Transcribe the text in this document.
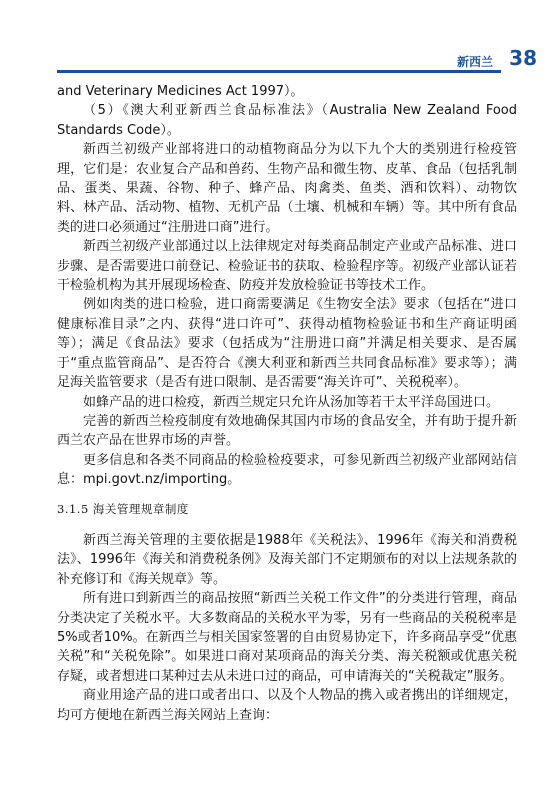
新西兰 38

and Veterinary Medicines Act 1997）。

（5）《澳大利亚新西兰食品标准法》（Australia New Zealand Food Standards Code）。

新西兰初级产业部将进口的动植物商品分为以下九个大的类别进行检疫管理，它们是：农业复合产品和兽药、生物产品和微生物、皮革、食品（包括乳制品、蛋类、果蔬、谷物、种子、蜂产品、肉禽类、鱼类、酒和饮料）、动物饮料、林产品、活动物、植物、无机产品（土壤、机械和车辆）等。其中所有食品类的进口必须通过“注册进口商”进行。

新西兰初级产业部通过以上法律规定对每类商品制定产业或产品标准、进口步骤、是否需要进口前登记、检验证书的获取、检验程序等。初级产业部认证若干检验机构为其开展现场检查、防疫并发放检验证书等技术工作。

例如肉类的进口检验，进口商需要满足《生物安全法》要求（包括在“进口健康标准目录”之内、获得“进口许可”、获得动植物检验证书和生产商证明函等）；满足《食品法》要求（包括成为“注册进口商”并满足相关要求、是否属于“重点监管商品”、是否符合《澳大利亚和新西兰共同食品标准》要求等）；满足海关监管要求（是否有进口限制、是否需要“海关许可”、关税税率）。

如蜂产品的进口检疫，新西兰规定只允许从汤加等若干太平洋岛国进口。

完善的新西兰检疫制度有效地确保其国内市场的食品安全，并有助于提升新西兰农产品在世界市场的声誉。

更多信息和各类不同商品的检验检疫要求，可参见新西兰初级产业部网站信息：mpi.govt.nz/importing。

3.1.5 海关管理规章制度

新西兰海关管理的主要依据是1988年《关税法》、1996年《海关和消费税法》、1996年《海关和消费税条例》及海关部门不定期颁布的对以上法规条款的补充修订和《海关规章》等。

所有进口到新西兰的商品按照“新西兰关税工作文件”的分类进行管理，商品分类决定了关税水平。大多数商品的关税水平为零，另有一些商品的关税税率是5%或者10%。在新西兰与相关国家签署的自由贸易协定下，许多商品享受“优惠关税”和“关税免除”。如果进口商对某项商品的海关分类、海关税额或优惠关税存疑，或者想进口某种过去从未进口过的商品，可申请海关的“关税裁定”服务。

商业用途产品的进口或者出口、以及个人物品的携入或者携出的详细规定，均可方便地在新西兰海关网站上查询：
